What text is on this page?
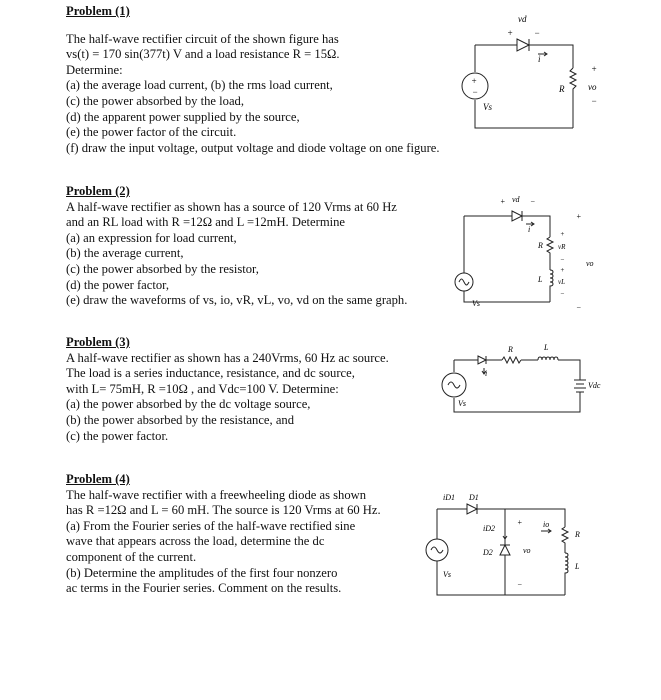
Problem (1)
The half-wave rectifier circuit of the shown figure has
vs(t) = 170 sin(377t) V and a load resistance R = 15Ω.
Determine:
(a) the average load current, (b) the rms load current,
(c) the power absorbed by the load,
(d) the apparent power supplied by the source,
(e) the power factor of the circuit.
(f) draw the input voltage, output voltage and diode voltage on one figure.
vd
+ −
i
R
+
vo
−
+
−
Vs
Problem (2)
A half-wave rectifier as shown has a source of 120 Vrms at 60 Hz
and an RL load with R =12Ω and L =12mH. Determine
(a) an expression for load current,
(b) the average current,
(c) the power absorbed by the resistor,
(d) the power factor,
(e) draw the waveforms of vs, io, vR, vL, vo, vd on the same graph.
+ vd −
i
+
R
+
vR
−	vo
L
+
vL
−
−
Vs
Problem (3)
A half-wave rectifier as shown has a 240Vrms, 60 Hz ac source.
The load is a series inductance, resistance, and dc source,
with L= 75mH, R =10Ω , and Vdc=100 V. Determine:
(a) the power absorbed by the dc voltage source,
(b) the power absorbed by the resistance, and
(c) the power factor.
R	L
i
Vdc
Vs
Problem (4)
The half-wave rectifier with a freewheeling diode as shown
has R =12Ω and L = 60 mH. The source is 120 Vrms at 60 Hz.
(a) From the Fourier series of the half-wave rectified sine
wave that appears across the load, determine the dc
component of the current.
(b) Determine the amplitudes of the first four nonzero
ac terms in the Fourier series. Comment on the results.
iD1 D1
+
iD2	io
D2	vo
−
R
L
Vs
